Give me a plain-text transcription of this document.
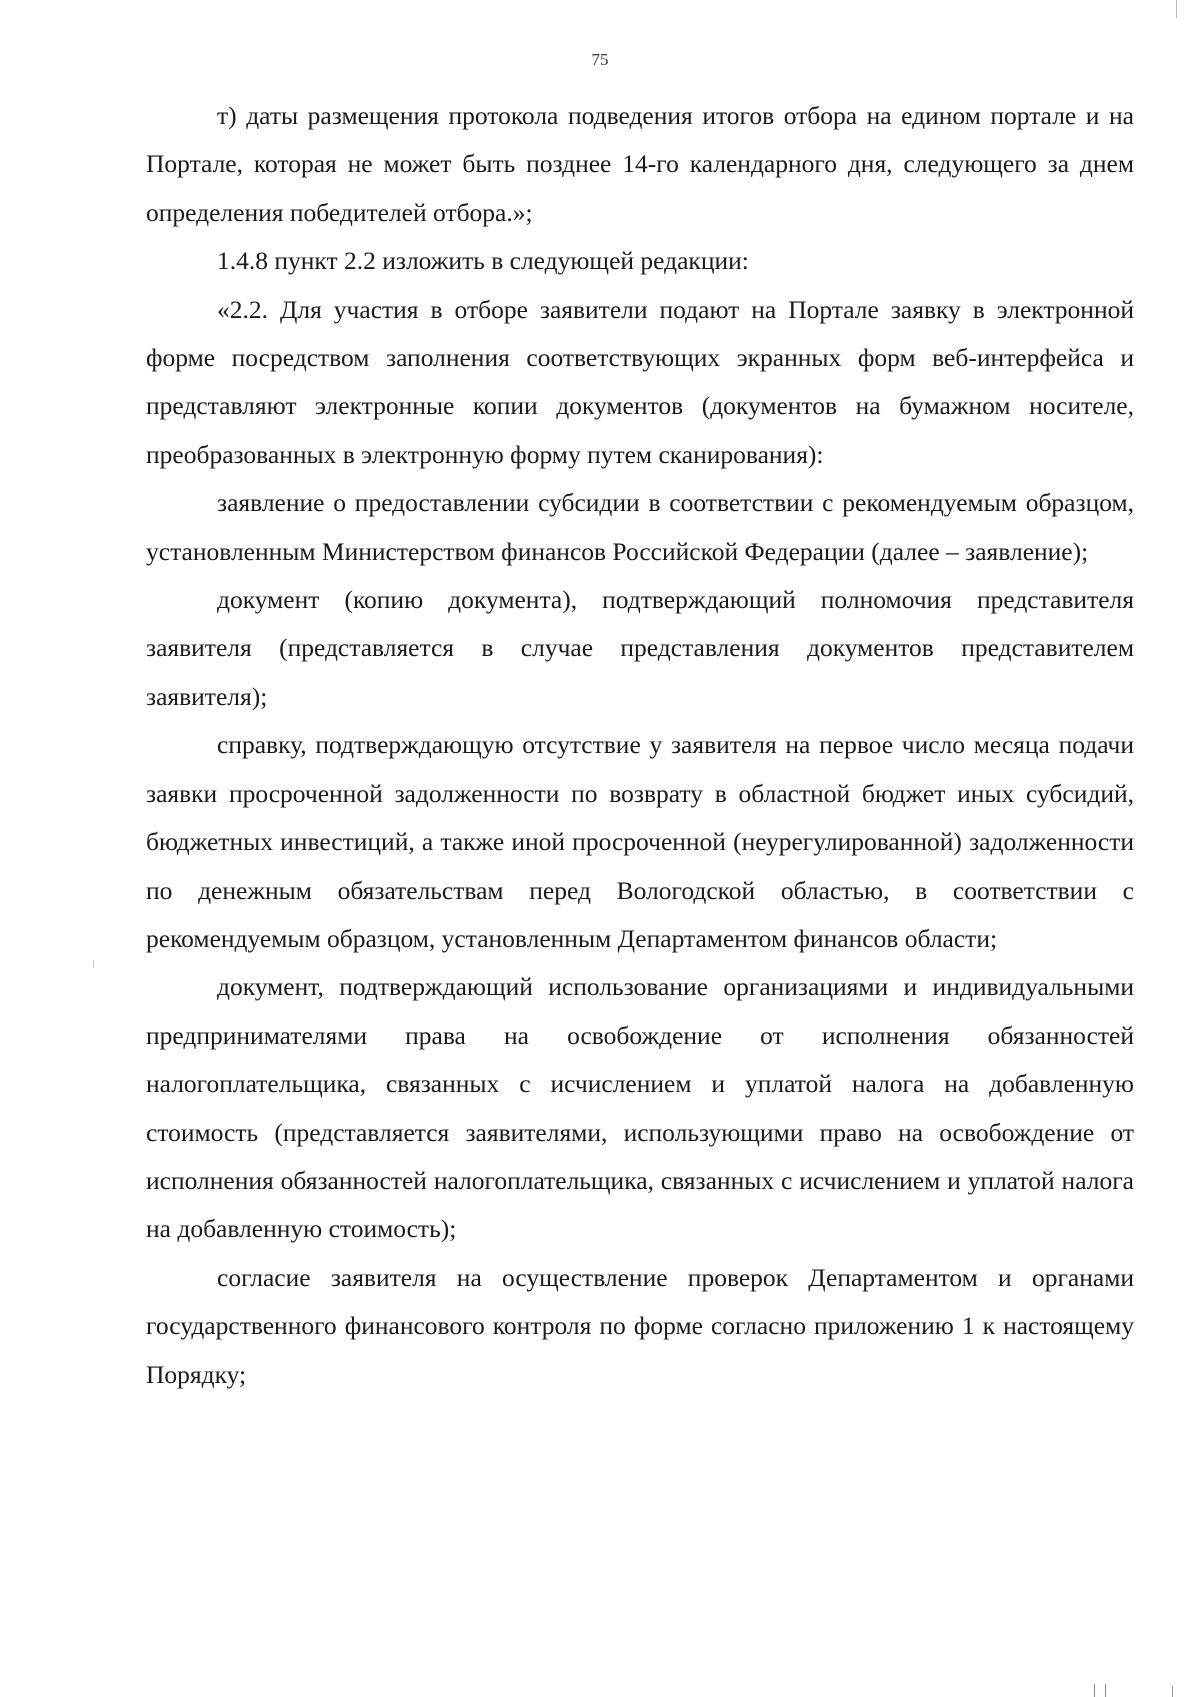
75

т) даты размещения протокола подведения итогов отбора на едином портале и на Портале, которая не может быть позднее 14-го календарного дня, следующего за днем определения победителей отбора.»;

1.4.8 пункт 2.2 изложить в следующей редакции:

«2.2. Для участия в отборе заявители подают на Портале заявку в электронной форме посредством заполнения соответствующих экранных форм веб-интерфейса и представляют электронные копии документов (документов на бумажном носителе, преобразованных в электронную форму путем сканирования):

заявление о предоставлении субсидии в соответствии с рекомендуемым образцом, установленным Министерством финансов Российской Федерации (далее – заявление);

документ (копию документа), подтверждающий полномочия представителя заявителя (представляется в случае представления документов представителем заявителя);

справку, подтверждающую отсутствие у заявителя на первое число месяца подачи заявки просроченной задолженности по возврату в областной бюджет иных субсидий, бюджетных инвестиций, а также иной просроченной (неурегулированной) задолженности по денежным обязательствам перед Вологодской областью, в соответствии с рекомендуемым образцом, установленным Департаментом финансов области;

документ, подтверждающий использование организациями и индивидуальными предпринимателями права на освобождение от исполнения обязанностей налогоплательщика, связанных с исчислением и уплатой налога на добавленную стоимость (представляется заявителями, использующими право на освобождение от исполнения обязанностей налогоплательщика, связанных с исчислением и уплатой налога на добавленную стоимость);

согласие заявителя на осуществление проверок Департаментом и органами государственного финансового контроля по форме согласно приложению 1 к настоящему Порядку;
